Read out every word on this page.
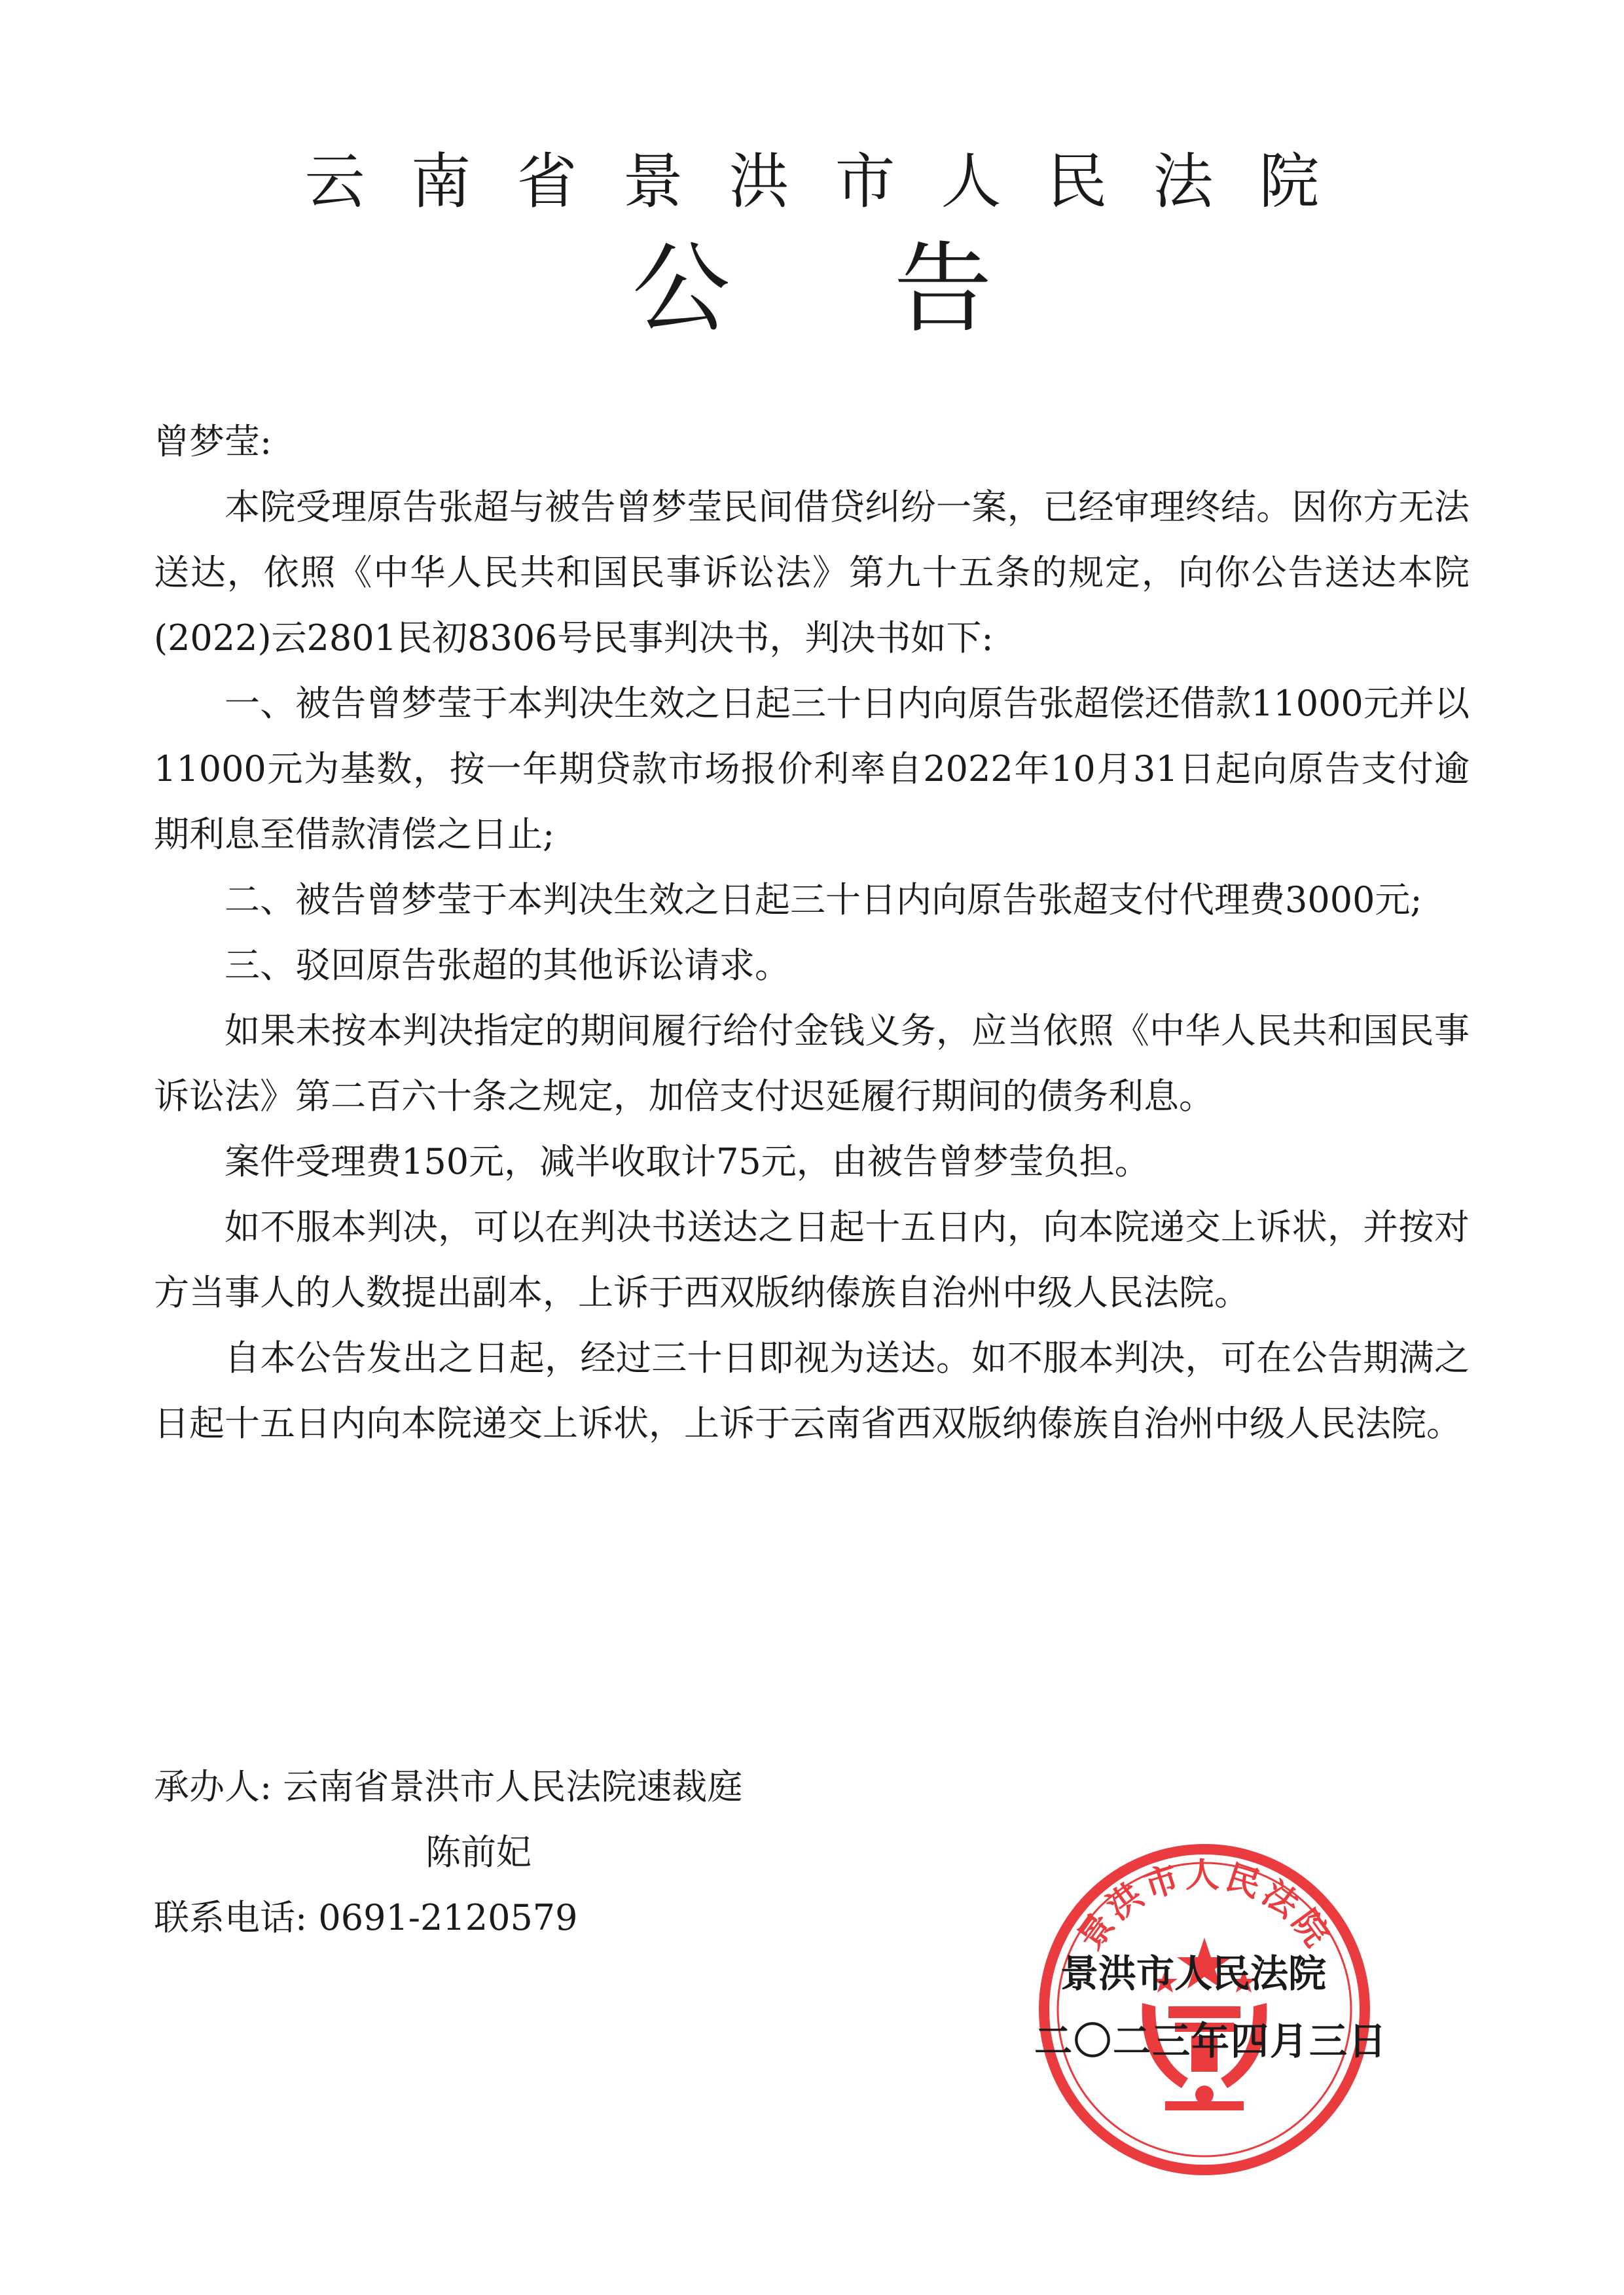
云南省景洪市人民法院
公告
曾梦莹:

本院受理原告张超与被告曾梦莹民间借贷纠纷一案，已经审理终结。因你方无法送达，依照《中华人民共和国民事诉讼法》第九十五条的规定，向你公告送达本院(2022)云2801民初8306号民事判决书，判决书如下:

一、被告曾梦莹于本判决生效之日起三十日内向原告张超偿还借款11000元并以11000元为基数，按一年期贷款市场报价利率自2022年10月31日起向原告支付逾期利息至借款清偿之日止;

二、被告曾梦莹于本判决生效之日起三十日内向原告张超支付代理费3000元;

三、驳回原告张超的其他诉讼请求。

如果未按本判决指定的期间履行给付金钱义务，应当依照《中华人民共和国民事诉讼法》第二百六十条之规定，加倍支付迟延履行期间的债务利息。

案件受理费150元，减半收取计75元，由被告曾梦莹负担。

如不服本判决，可以在判决书送达之日起十五日内，向本院递交上诉状，并按对方当事人的人数提出副本，上诉于西双版纳傣族自治州中级人民法院。

自本公告发出之日起，经过三十日即视为送达。如不服本判决，可在公告期满之日起十五日内向本院递交上诉状，上诉于云南省西双版纳傣族自治州中级人民法院。

承办人: 云南省景洪市人民法院速裁庭
陈前妃
联系电话: 0691-2120579	景洪市人民法院
景洪市人民法院
二〇二三年四月三日
